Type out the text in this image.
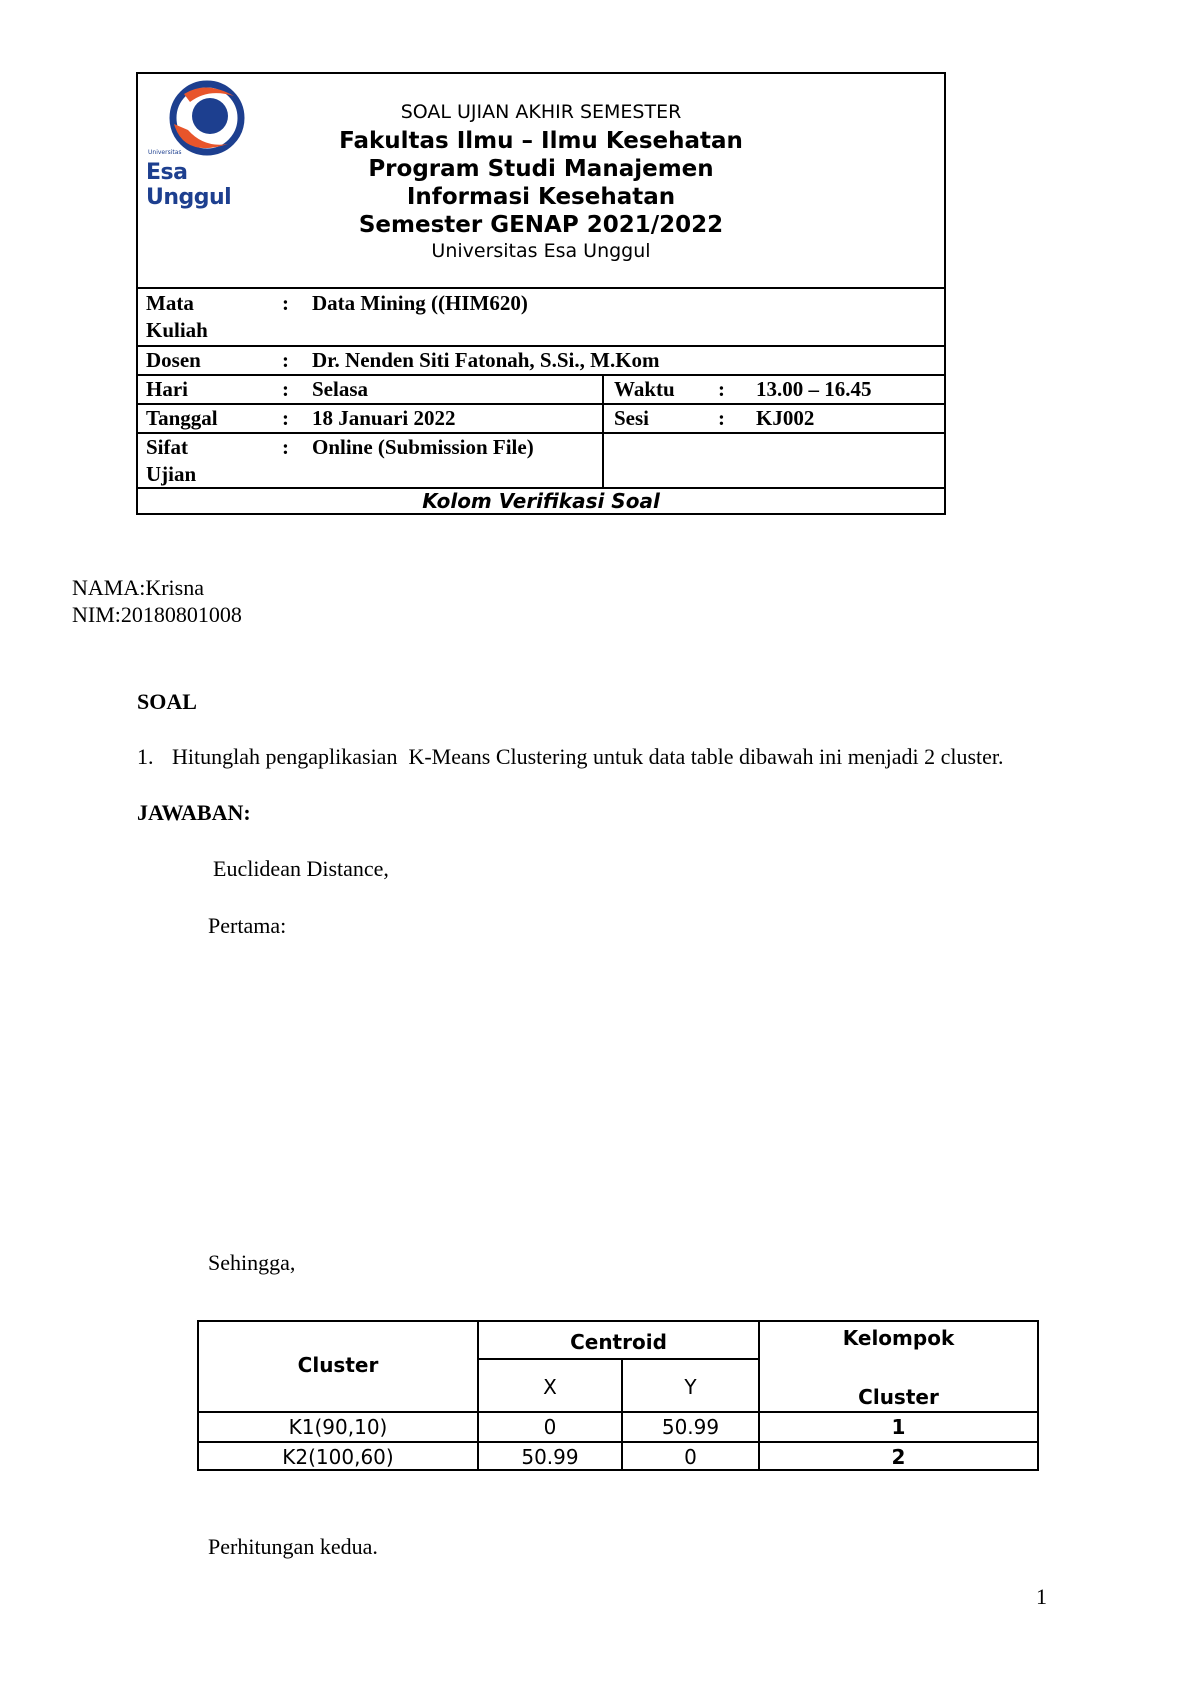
Universitas
Esa Unggul
SOAL UJIAN AKHIR SEMESTER
Fakultas Ilmu – Ilmu Kesehatan
Program Studi Manajemen
Informasi Kesehatan
Semester GENAP 2021/2022
Universitas Esa Unggul
Mata
Kuliah
: Data Mining ((HIM620)
Dosen	: Dr. Nenden Siti Fatonah, S.Si., M.Kom
Hari	: Selasa	Waktu : 13.00 – 16.45
Tanggal	: 18 Januari 2022	Sesi	: KJ002
Sifat
Ujian
: Online (Submission File)
Kolom Verifikasi Soal
NAMA:Krisna
NIM:20180801008
SOAL
1. Hitunglah pengaplikasian  K-Means Clustering untuk data table dibawah ini menjadi 2 cluster.
JAWABAN:
Euclidean Distance,
Pertama:
Sehingga,
Cluster
Centroid
X	Y
Kelompok
Cluster
K1(90,10)	0	50.99	1
K2(100,60)	50.99	0	2
Perhitungan kedua.
1
